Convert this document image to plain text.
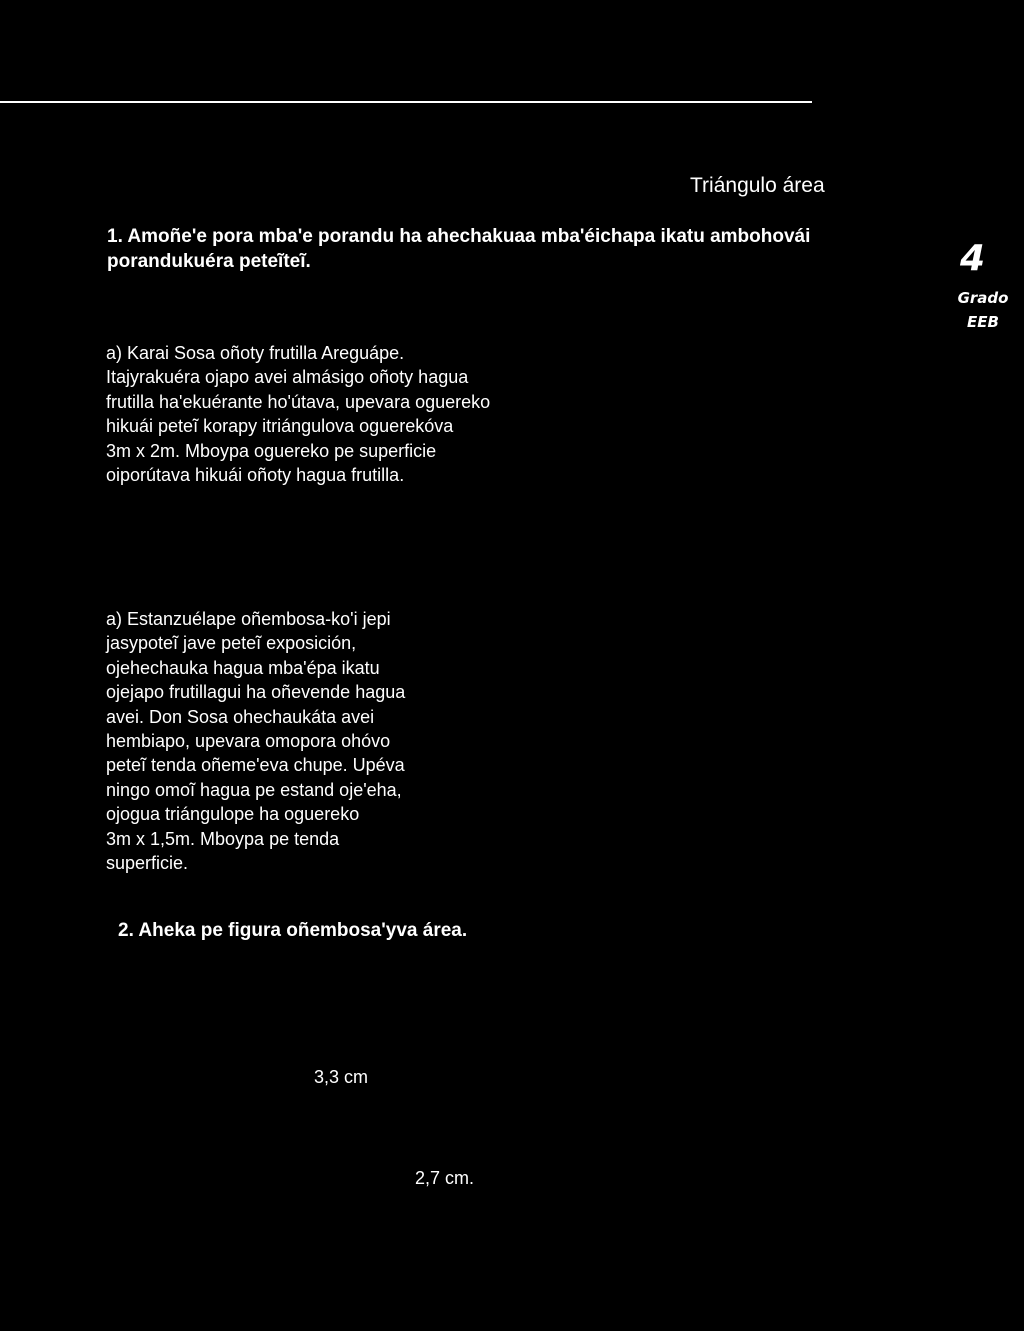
Triángulo área
1. Amoñe'e pora mba'e porandu ha ahechakuaa mba'éichapa ikatu ambohovái
porandukuéra peteĩteĩ.	4
Grado
EEB
a) Karai Sosa oñoty frutilla Areguápe.
Itajyrakuéra ojapo avei almásigo oñoty hagua
frutilla ha'ekuérante ho'útava, upevara oguereko
hikuái peteĩ korapy itriángulova oguerekóva
3m x 2m. Mboypa oguereko pe superficie
oiporútava hikuái oñoty hagua frutilla.
a) Estanzuélape oñembosa-ko'i jepi
jasypoteĩ jave peteĩ exposición,
ojehechauka hagua mba'épa ikatu
ojejapo frutillagui ha oñevende hagua
avei. Don Sosa ohechaukáta avei
hembiapo, upevara omopora ohóvo
peteĩ tenda oñeme'eva chupe. Upéva
ningo omoĩ hagua pe estand oje'eha,
ojogua triángulope ha oguereko
3m x 1,5m. Mboypa pe tenda
superficie.
2. Aheka pe figura oñembosa'yva área.
3,3 cm
2,7 cm.
